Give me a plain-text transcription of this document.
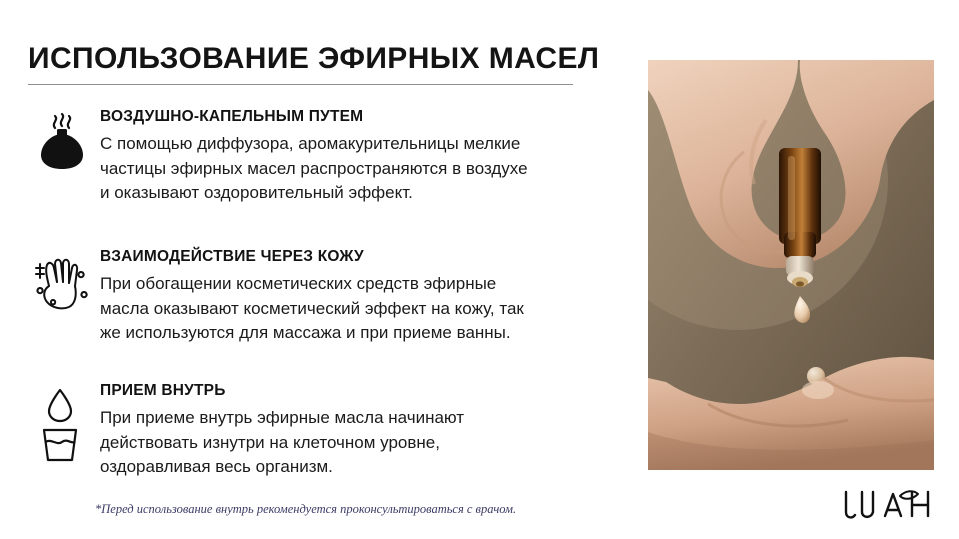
ИСПОЛЬЗОВАНИЕ ЭФИРНЫХ МАСЕЛ
ВОЗДУШНО-КАПЕЛЬНЫМ ПУТЕМ
С помощью диффузора, аромакурительницы мелкие
частицы эфирных масел распространяются в воздухе
и оказывают оздоровительный эффект.
ВЗАИМОДЕЙСТВИЕ ЧЕРЕЗ КОЖУ
При обогащении косметических средств эфирные
масла оказывают косметический эффект на кожу, так
же используются для массажа и при приеме ванны.
ПРИЕМ ВНУТРЬ
При приеме внутрь эфирные масла начинают
действовать изнутри на клеточном уровне,
оздоравливая весь организм.
*Перед использование внутрь рекомендуется проконсультироваться с врачом.
